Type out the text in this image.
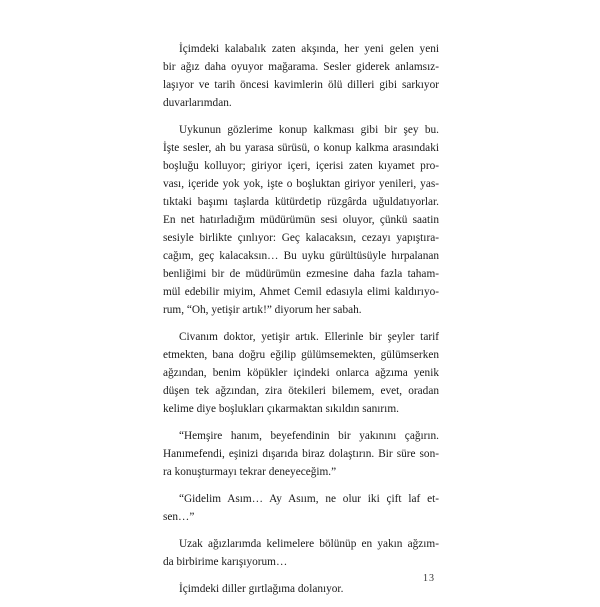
İçimdeki kalabalık zaten akşında, her yeni gelen yeni
bir ağız daha oyuyor mağarama. Sesler giderek anlamsız-
laşıyor ve tarih öncesi kavimlerin ölü dilleri gibi sarkıyor
duvarlarımdan.

Uykunun gözlerime konup kalkması gibi bir şey bu.
İşte sesler, ah bu yarasa sürüsü, o konup kalkma arasındaki
boşluğu kolluyor; giriyor içeri, içerisi zaten kıyamet pro-
vası, içeride yok yok, işte o boşluktan giriyor yenileri, yas-
tıktaki başımı taşlarda kütürdetip rüzgârda uğuldatıyorlar.
En net hatırladığım müdürümün sesi oluyor, çünkü saatin
sesiyle birlikte çınlıyor: Geç kalacaksın, cezayı yapıştıra-
cağım, geç kalacaksın… Bu uyku gürültüsüyle hırpalanan
benliğimi bir de müdürümün ezmesine daha fazla taham-
mül edebilir miyim, Ahmet Cemil edasıyla elimi kaldırıyo-
rum, “Oh, yetişir artık!” diyorum her sabah.

Civanım doktor, yetişir artık. Ellerinle bir şeyler tarif
etmekten, bana doğru eğilip gülümsemekten, gülümserken
ağzından, benim köpükler içindeki onlarca ağzıma yenik
düşen tek ağzından, zira ötekileri bilemem, evet, oradan
kelime diye boşlukları çıkarmaktan sıkıldın sanırım.

“Hemşire hanım, beyefendinin bir yakınını çağırın.
Hanımefendi, eşinizi dışarıda biraz dolaştırın. Bir süre son-
ra konuşturmayı tekrar deneyeceğim.”

“Gidelim Asım… Ay Asıım, ne olur iki çift laf et-
sen…”

Uzak ağızlarımda kelimelere bölünüp en yakın ağzım-
da birbirime karışıyorum…

İçimdeki diller gırtlağıma dolanıyor.

13
